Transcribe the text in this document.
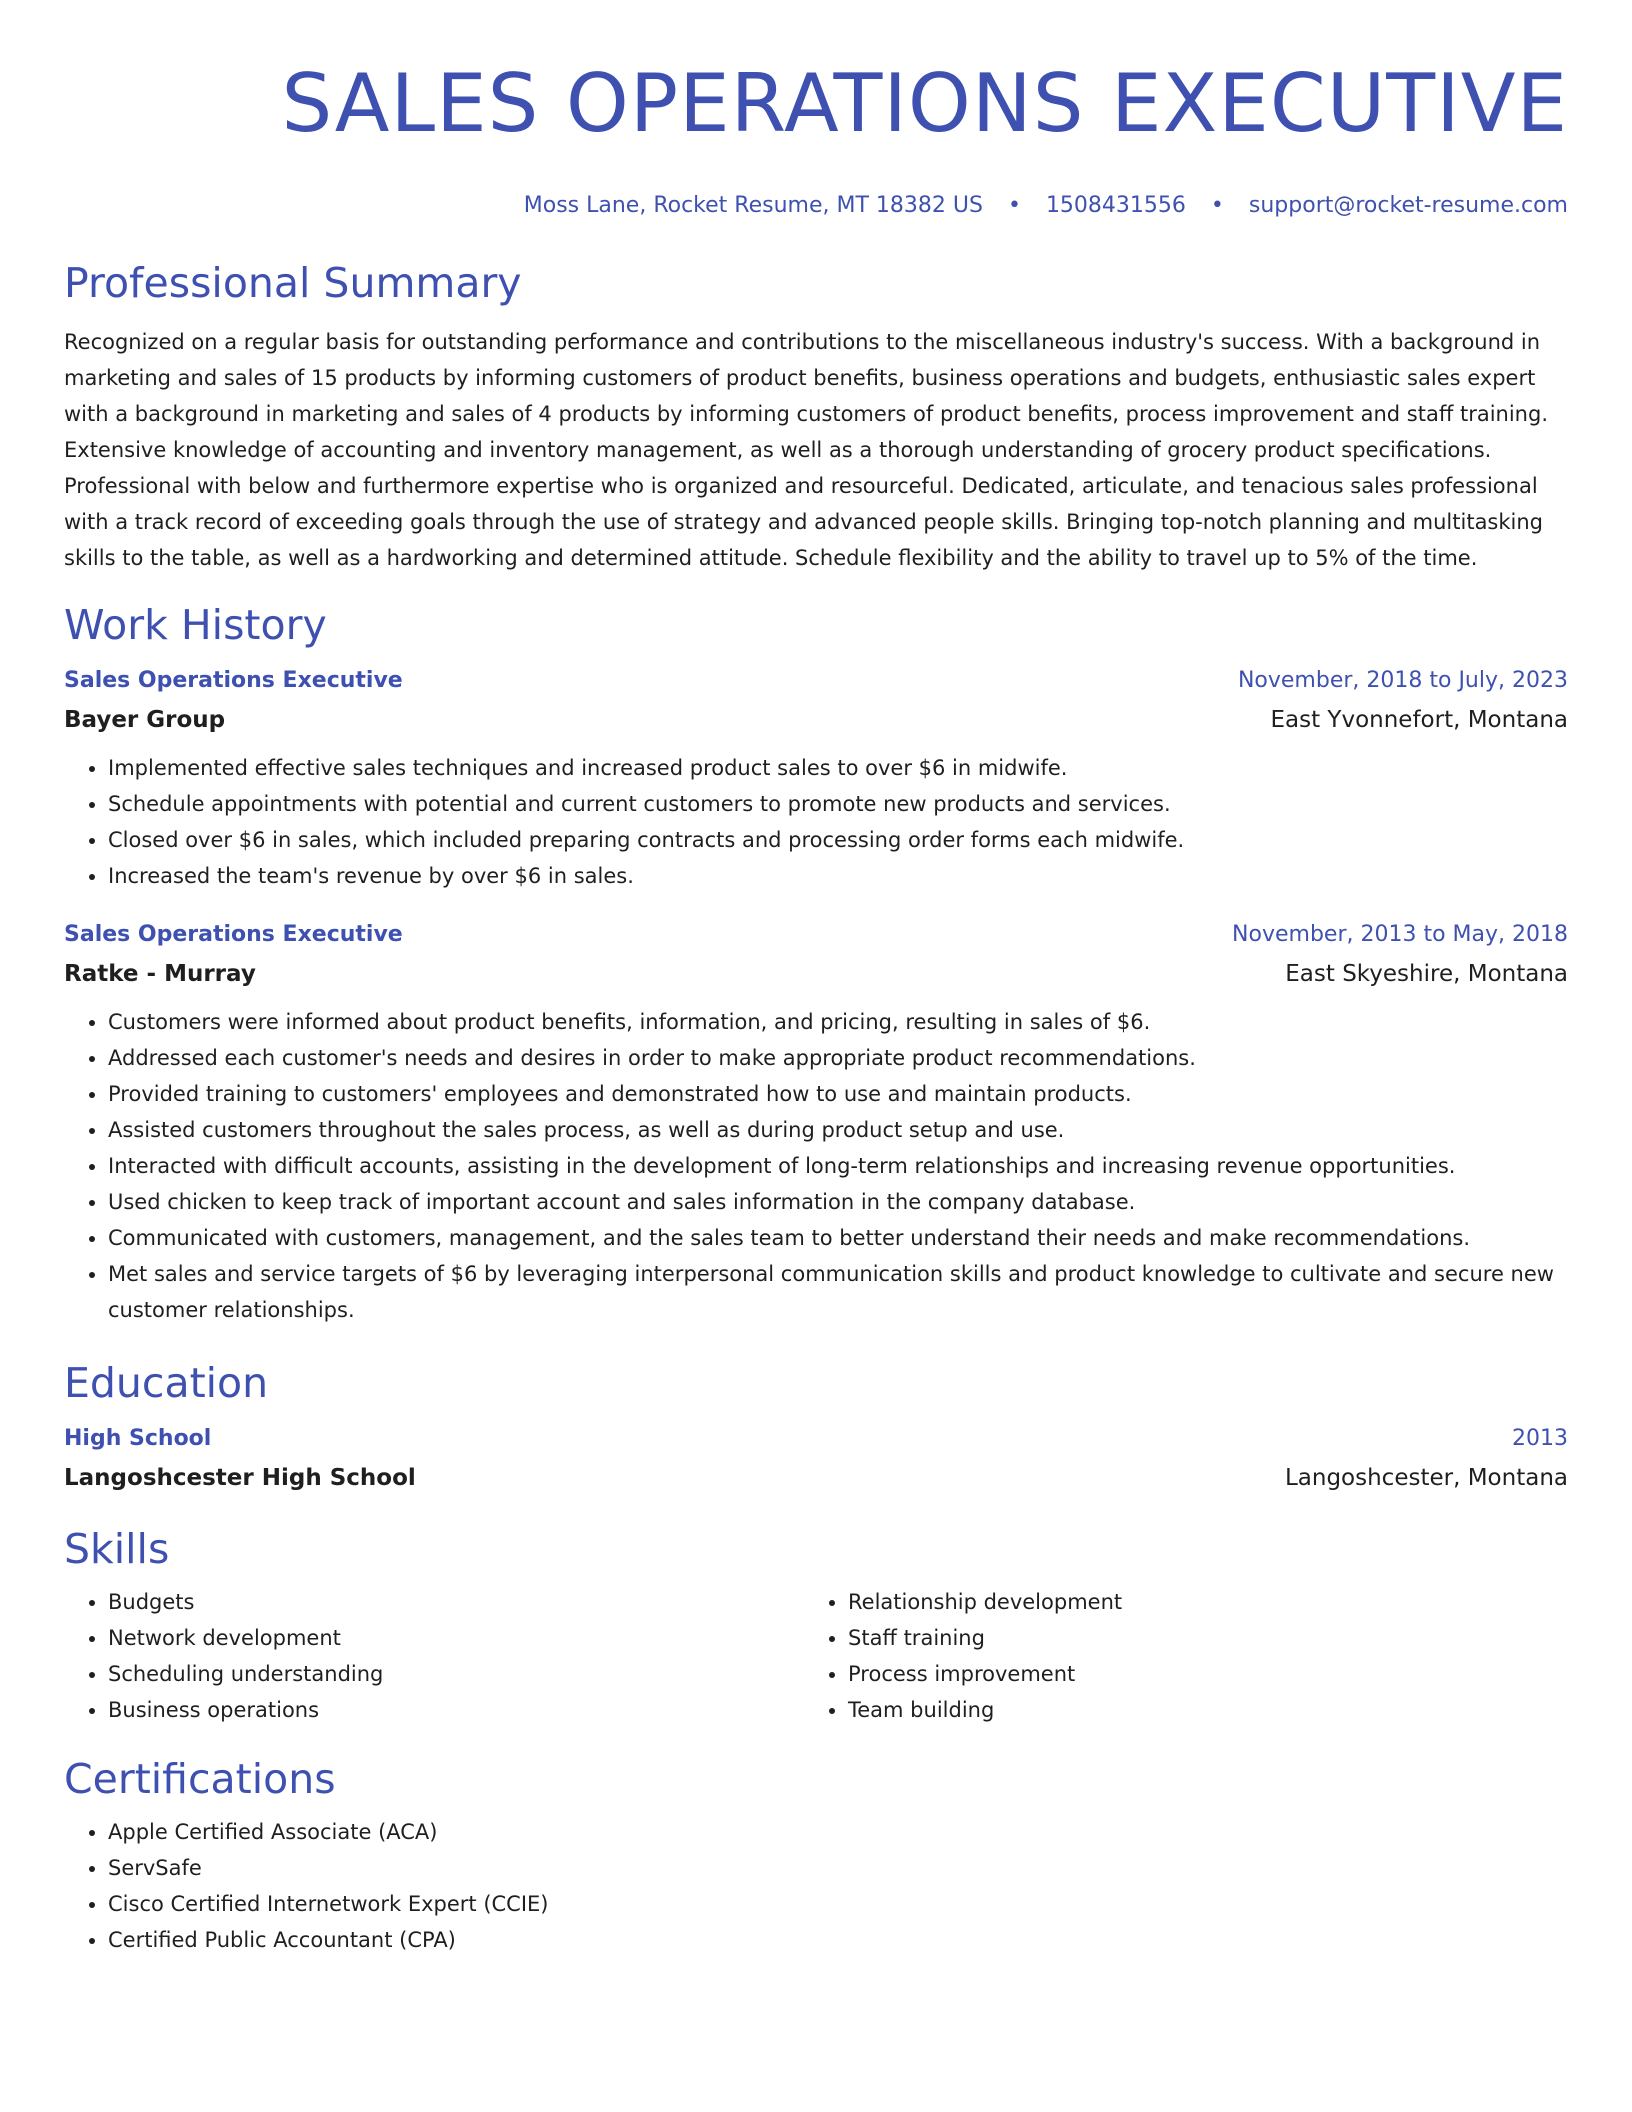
SALES OPERATIONS EXECUTIVE
Moss Lane, Rocket Resume, MT 18382 US • 1508431556 • support@rocket-resume.com
Professional Summary

Recognized on a regular basis for outstanding performance and contributions to the miscellaneous industry's success. With a background in marketing and sales of 15 products by informing customers of product benefits, business operations and budgets, enthusiastic sales expert with a background in marketing and sales of 4 products by informing customers of product benefits, process improvement and staff training. Extensive knowledge of accounting and inventory management, as well as a thorough understanding of grocery product specifications. Professional with below and furthermore expertise who is organized and resourceful. Dedicated, articulate, and tenacious sales professional with a track record of exceeding goals through the use of strategy and advanced people skills. Bringing top-notch planning and multitasking skills to the table, as well as a hardworking and determined attitude. Schedule flexibility and the ability to travel up to 5% of the time.

Work History
Sales Operations Executive	November, 2018 to July, 2023
Bayer Group	East Yvonnefort, Montana
• Implemented effective sales techniques and increased product sales to over $6 in midwife.
• Schedule appointments with potential and current customers to promote new products and services.
• Closed over $6 in sales, which included preparing contracts and processing order forms each midwife.
• Increased the team's revenue by over $6 in sales.
Sales Operations Executive	November, 2013 to May, 2018
Ratke - Murray	East Skyeshire, Montana
• Customers were informed about product benefits, information, and pricing, resulting in sales of $6.
• Addressed each customer's needs and desires in order to make appropriate product recommendations.
• Provided training to customers' employees and demonstrated how to use and maintain products.
• Assisted customers throughout the sales process, as well as during product setup and use.
• Interacted with difficult accounts, assisting in the development of long-term relationships and increasing revenue opportunities.
• Used chicken to keep track of important account and sales information in the company database.
• Communicated with customers, management, and the sales team to better understand their needs and make recommendations.
• Met sales and service targets of $6 by leveraging interpersonal communication skills and product knowledge to cultivate and secure new customer relationships.
Education
High School	2013
Langoshcester High School	Langoshcester, Montana
Skills
• Budgets
• Network development
• Scheduling understanding
• Business operations
• Relationship development
• Staff training
• Process improvement
• Team building
Certifications
• Apple Certified Associate (ACA)
• ServSafe
• Cisco Certified Internetwork Expert (CCIE)
• Certified Public Accountant (CPA)
